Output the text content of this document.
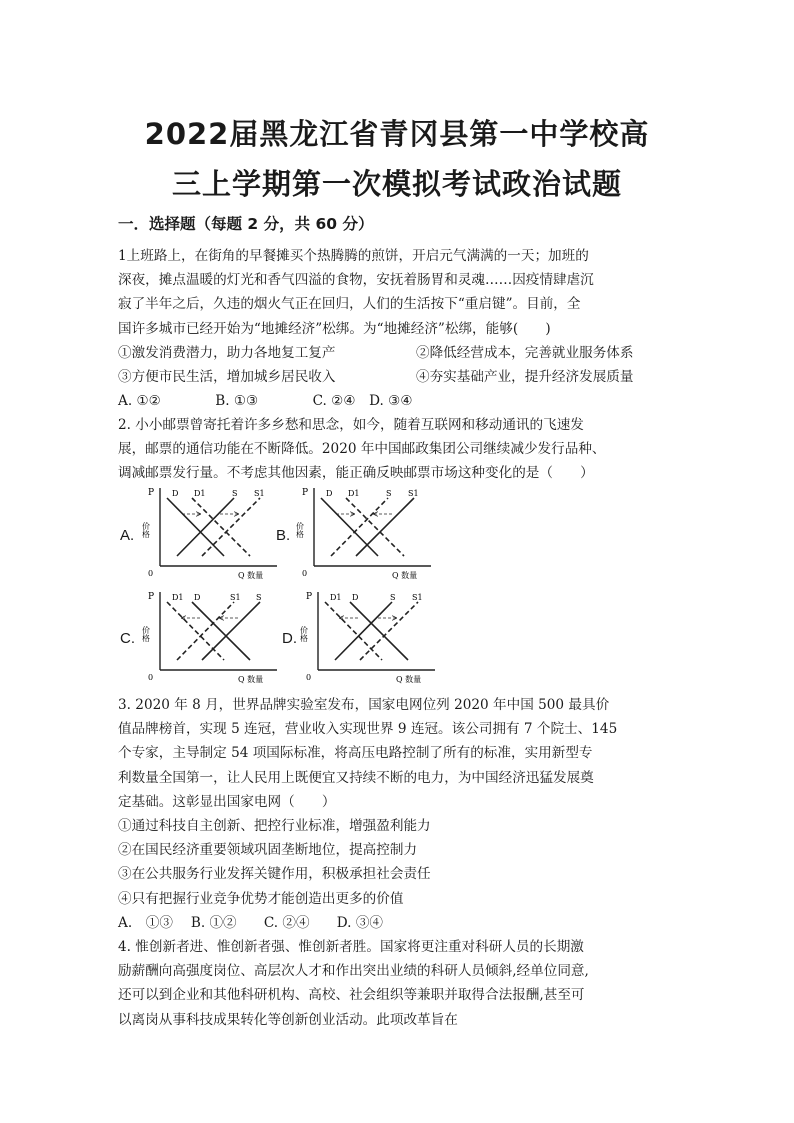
2022届黑龙江省青冈县第一中学校高
三上学期第一次模拟考试政治试题
一．选择题（每题 2 分，共 60 分）
1上班路上，在街角的早餐摊买个热腾腾的煎饼，开启元气满满的一天；加班的
深夜，摊点温暖的灯光和香气四溢的食物，安抚着肠胃和灵魂……因疫情肆虐沉
寂了半年之后，久违的烟火气正在回归，人们的生活按下“重启键”。目前，全
国许多城市已经开始为“地摊经济”松绑。为“地摊经济”松绑，能够(　　)
①激发消费潜力，助力各地复工复产	②降低经营成本，完善就业服务体系
③方便市民生活，增加城乡居民收入	④夯实基础产业，提升经济发展质量
A. ①②　　　　B. ①③　　　　C. ②④　D. ③④
2. 小小邮票曾寄托着许多乡愁和思念，如今，随着互联网和移动通讯的飞速发
展，邮票的通信功能在不断降低。2020 年中国邮政集团公司继续减少发行品种、
调减邮票发行量。不考虑其他因素，能正确反映邮票市场这种变化的是（　　）
A.	B.
C.	D.
P
价格
0	Q 数量
D D1	S S1	P
价格
0	Q 数量
D D1	S S1
P
价格
0	Q 数量
D1 D	S1 S	P
价格
0	Q 数量
D1 D	S S1
3. 2020 年 8 月，世界品牌实验室发布，国家电网位列 2020 年中国 500 最具价
值品牌榜首，实现 5 连冠，营业收入实现世界 9 连冠。该公司拥有 7 个院士、145
个专家，主导制定 54 项国际标准，将高压电路控制了所有的标准，实用新型专
利数量全国第一，让人民用上既便宜又持续不断的电力，为中国经济迅猛发展奠
定基础。这彰显出国家电网（　　）
①通过科技自主创新、把控行业标准，增强盈利能力
②在国民经济重要领域巩固垄断地位，提高控制力
③在公共服务行业发挥关键作用，积极承担社会责任
④只有把握行业竞争优势才能创造出更多的价值
A.　①③　 B. ①②　　C. ②④　　D. ③④
4. 惟创新者进、惟创新者强、惟创新者胜。国家将更注重对科研人员的长期激
励薪酬向高强度岗位、高层次人才和作出突出业绩的科研人员倾斜,经单位同意,
还可以到企业和其他科研机构、高校、社会组织等兼职并取得合法报酬,甚至可
以离岗从事科技成果转化等创新创业活动。此项改革旨在
